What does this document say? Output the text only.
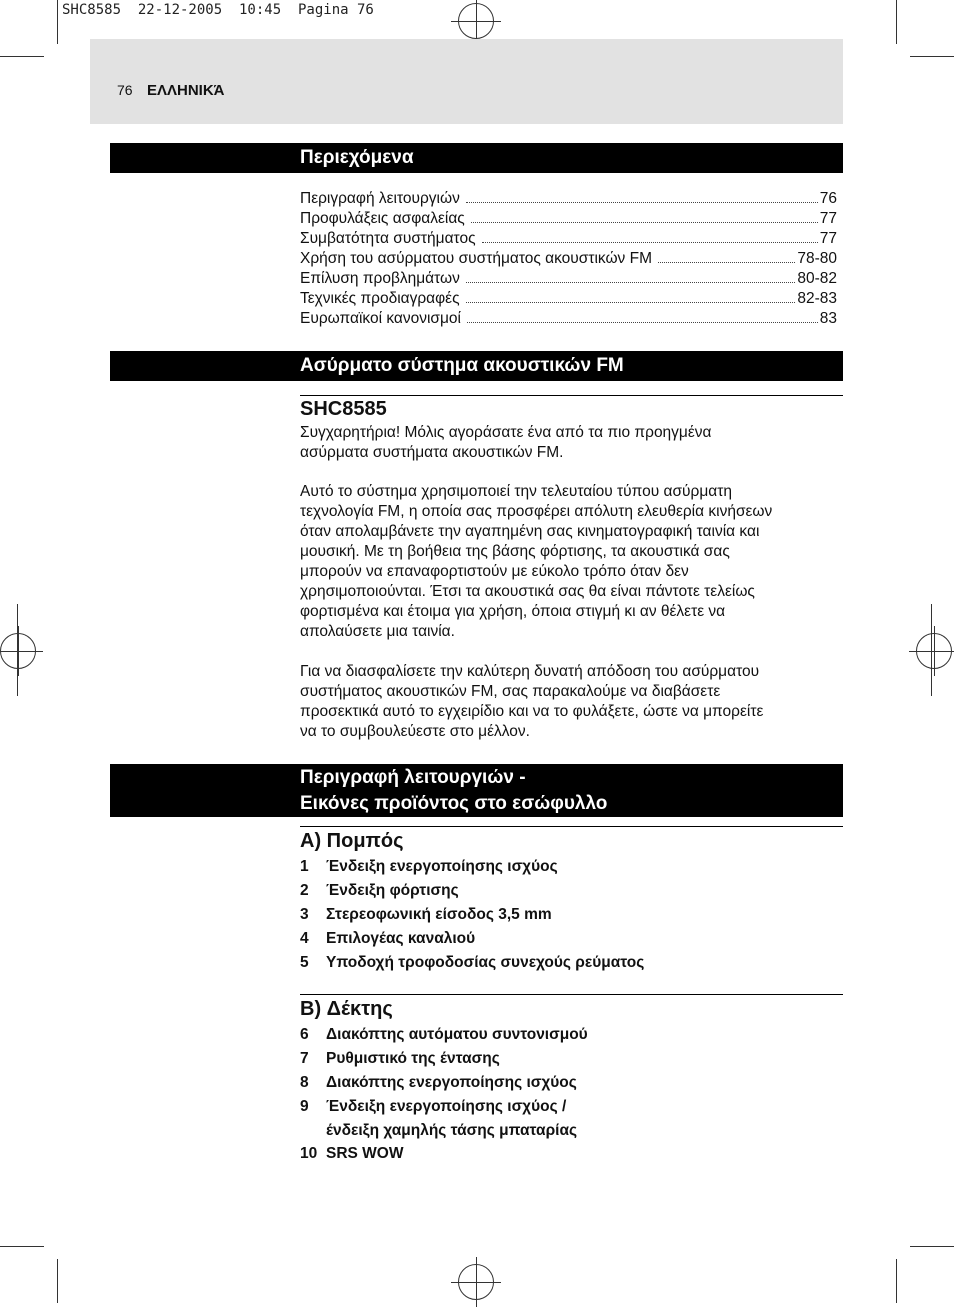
SHC8585  22-12-2005  10:45  Pagina 76
76 ΕΛΛΗΝΙΚΆ
Περιεχόμενα
Περιγραφή λειτουργιών	76
Προφυλάξεις ασφαλείας	77
Συμβατότητα συστήματος	77
Χρήση του ασύρματου συστήματος ακουστικών FM	78-80
Επίλυση προβλημάτων	80-82
Τεχνικές προδιαγραφές	82-83
Ευρωπαϊκοί κανονισμοί	83
Ασύρματο σύστημα ακουστικών FM
SHC8585
Συγχαρητήρια! Μόλις αγοράσατε ένα από τα πιο προηγμένα
ασύρματα συστήματα ακουστικών FM.
Αυτό το σύστημα χρησιμοποιεί την τελευταίου τύπου ασύρματη
τεχνολογία FM, η οποία σας προσφέρει απόλυτη ελευθερία κινήσεων
όταν απολαμβάνετε την αγαπημένη σας κινηματογραφική ταινία και
μουσική. Με τη βοήθεια της βάσης φόρτισης, τα ακουστικά σας
μπορούν να επαναφορτιστούν με εύκολο τρόπο όταν δεν
χρησιμοποιούνται. Έτσι τα ακουστικά σας θα είναι πάντοτε τελείως
φορτισμένα και έτοιμα για χρήση, όποια στιγμή κι αν θέλετε να
απολαύσετε μια ταινία.
Για να διασφαλίσετε την καλύτερη δυνατή απόδοση του ασύρματου
συστήματος ακουστικών FM, σας παρακαλούμε να διαβάσετε
προσεκτικά αυτό το εγχειρίδιο και να το φυλάξετε, ώστε να μπορείτε
να το συμβουλεύεστε στο μέλλον.
Περιγραφή λειτουργιών -
Εικόνες προϊόντος στο εσώφυλλο
A) Πομπός
1	Ένδειξη ενεργοποίησης ισχύος
2	Ένδειξη φόρτισης
3	Στερεοφωνική είσοδος 3,5 mm
4	Επιλογέας καναλιού
5	Υποδοχή τροφοδοσίας συνεχούς ρεύματος
B) Δέκτης
6	Διακόπτης αυτόματου συντονισμού
7	Ρυθμιστικό της έντασης
8	Διακόπτης ενεργοποίησης ισχύος
9	Ένδειξη ενεργοποίησης ισχύος /
ένδειξη χαμηλής τάσης μπαταρίας
10 SRS WOW
